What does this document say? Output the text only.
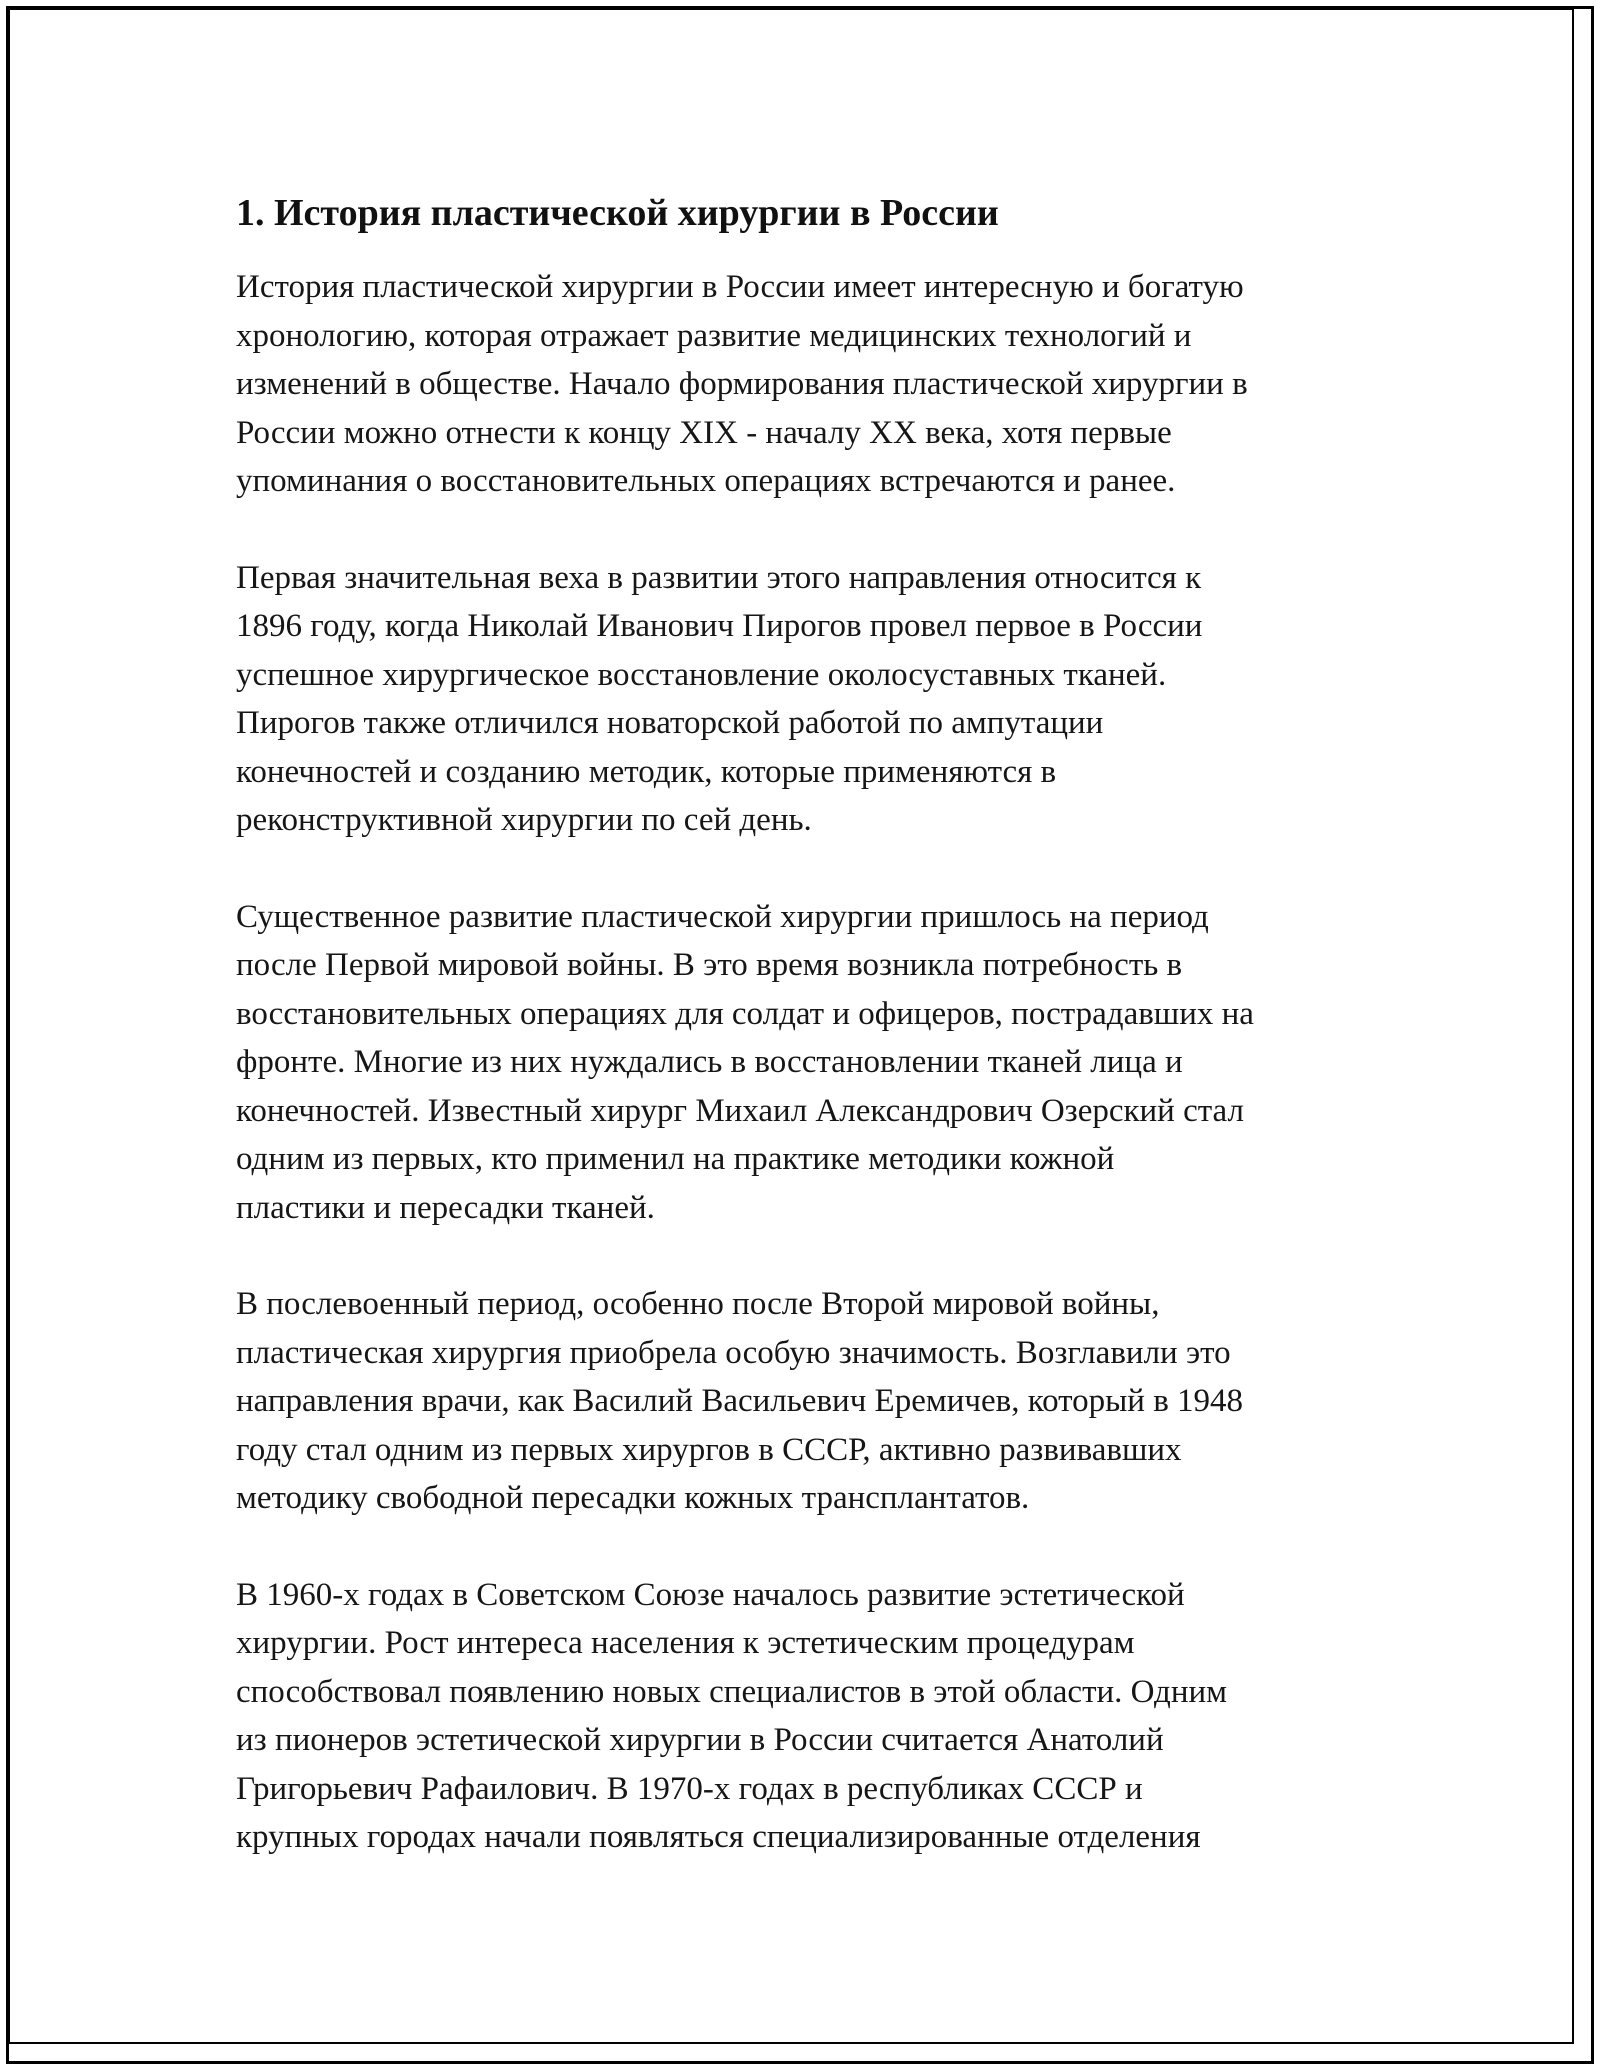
1. История пластической хирургии в России

История пластической хирургии в России имеет интересную и богатую
хронологию, которая отражает развитие медицинских технологий и
изменений в обществе. Начало формирования пластической хирургии в
России можно отнести к концу XIX - началу XX века, хотя первые
упоминания о восстановительных операциях встречаются и ранее.

Первая значительная веха в развитии этого направления относится к
1896 году, когда Николай Иванович Пирогов провел первое в России
успешное хирургическое восстановление околосуставных тканей.
Пирогов также отличился новаторской работой по ампутации
конечностей и созданию методик, которые применяются в
реконструктивной хирургии по сей день.

Существенное развитие пластической хирургии пришлось на период
после Первой мировой войны. В это время возникла потребность в
восстановительных операциях для солдат и офицеров, пострадавших на
фронте. Многие из них нуждались в восстановлении тканей лица и
конечностей. Известный хирург Михаил Александрович Озерский стал
одним из первых, кто применил на практике методики кожной
пластики и пересадки тканей.

В послевоенный период, особенно после Второй мировой войны,
пластическая хирургия приобрела особую значимость. Возглавили это
направления врачи, как Василий Васильевич Еремичев, который в 1948
году стал одним из первых хирургов в СССР, активно развивавших
методику свободной пересадки кожных трансплантатов.

В 1960-х годах в Советском Союзе началось развитие эстетической
хирургии. Рост интереса населения к эстетическим процедурам
способствовал появлению новых специалистов в этой области. Одним
из пионеров эстетической хирургии в России считается Анатолий
Григорьевич Рафаилович. В 1970-х годах в республиках СССР и
крупных городах начали появляться специализированные отделения
